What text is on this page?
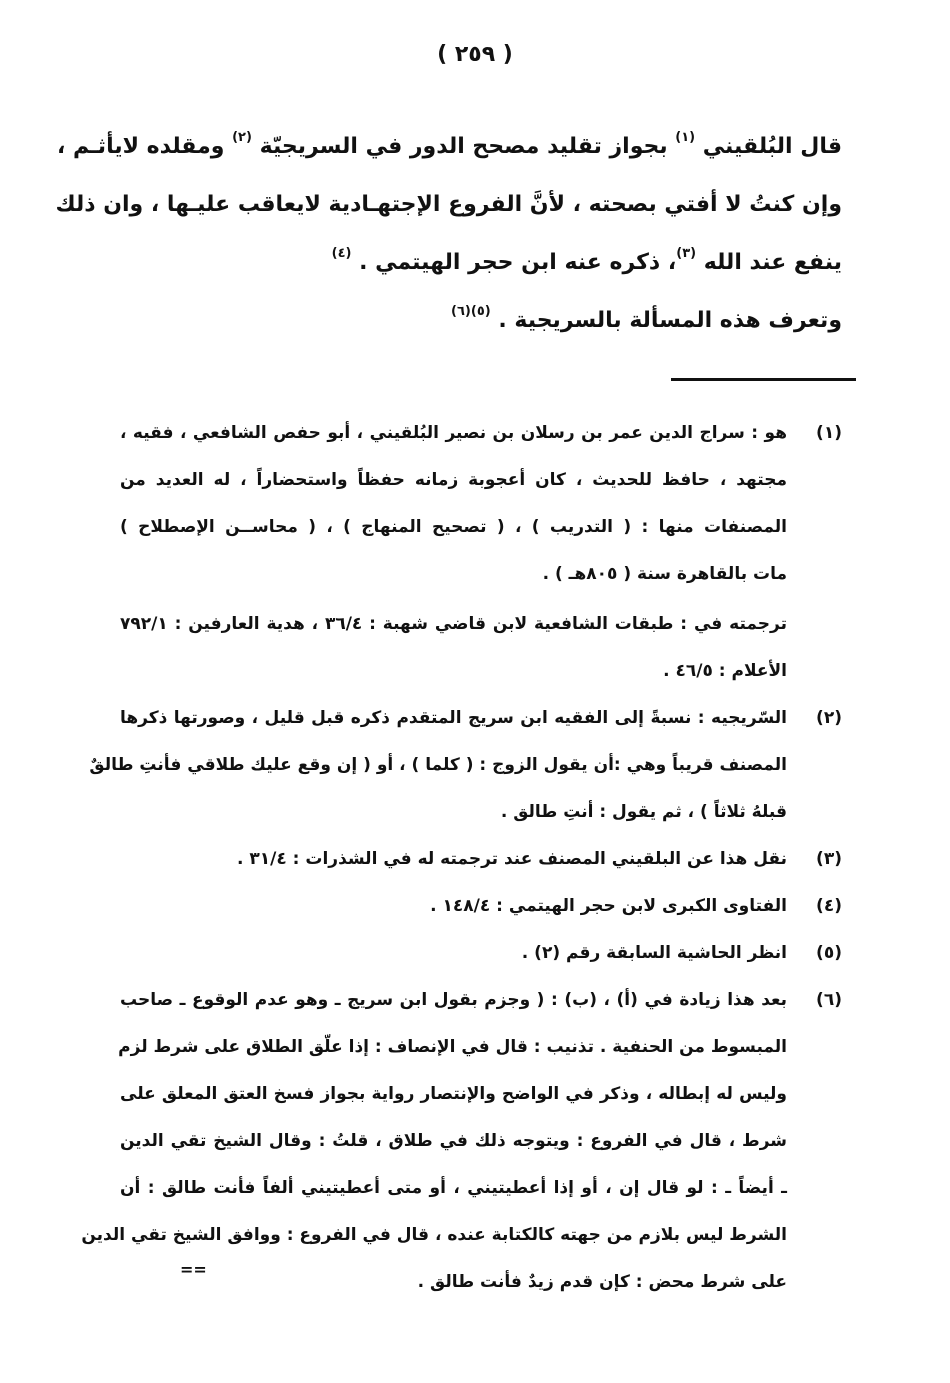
( ٢٥٩ )
قال البُلقيني $^{(١)}$ بجواز تقليد مصحح الدور في السريجيّة $^{(٢)}$ ومقلده لايأثـم ،
وإن كنتُ لا أفتي بصحته ، لأنَّ الفروع الإجتهـادية لايعاقب عليـها ، وان ذلك
ينفع عند الله $^{(٣)}$، ذكره عنه ابن حجر الهيتمي . $^{(٤)}$
وتعرف هذه المسألة بالسريجية . $^{(٥)(٦)}$
(١)
هو : سراج الدين عمر بن رسلان بن نصير البُلقيني ، أبو حفص الشافعي ، فقيه ،
مجتهد ، حافظ للحديث ، كان أعجوبة زمانه حفظاً واستحضاراً ، له العديد من
المصنفات منها : ( التدريب ) ، ( تصحيح المنهاج ) ، ( محاســن الإصطلاح )
مات بالقاهرة سنة ( ٨٠٥هـ ) .
ترجمته في : طبقات الشافعية لابن قاضي شهبة : ٣٦/٤ ، هدية العارفين : ٧٩٢/١
الأعلام : ٤٦/٥ .
(٢)
السّريجيه : نسبةً إلى الفقيه ابن سريج المتقدم ذكره قبل قليل ، وصورتها ذكرها
المصنف قريباً وهي :أن يقول الزوج : ( كلما ) ، أو ( إن وقع عليك طلاقي فأنتِ طالقٌ
قبلهُ ثلاثاً ) ، ثم يقول : أنتِ طالق .
(٣)
نقل هذا عن البلقيني المصنف عند ترجمته له في الشذرات : ٣١/٤ .
(٤)
الفتاوى الكبرى لابن حجر الهيتمي : ١٤٨/٤ .
(٥)
انظر الحاشية السابقة رقم (٢) .
(٦)
بعد هذا زيادة في (أ) ، (ب) : ( وجزم بقول ابن سريج ـ وهو عدم الوقوع ـ صاحب
المبسوط من الحنفية . تذنيب : قال في الإنصاف : إذا علّق الطلاق على شرط لزم
وليس له إبطاله ، وذكر في الواضح والإنتصار رواية بجواز فسخ العتق المعلق على
شرط ، قال في الفروع : ويتوجه ذلك في طلاق ، قلتُ : وقال الشيخ تقي الدين
ـ أيضاً ـ : لو قال إن ، أو إذا أعطيتيني ، أو متى أعطيتيني ألفاً فأنت طالق : أن
الشرط ليس بلازم من جهته كالكتابة عنده ، قال في الفروع : ووافق الشيخ تقي الدين
على شرط محض : كإن قدم زيدٌ فأنت طالق .
==
